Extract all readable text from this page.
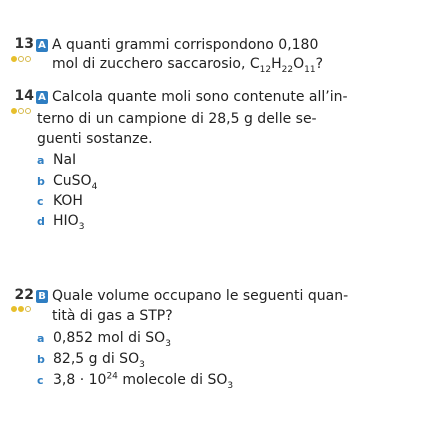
13 A A quanti grammi corrispondono 0,180
mol di zucchero saccarosio, $C_{12}H_{22}O_{11}$?
14 A Calcola quante moli sono contenute all’in-
terno di un campione di 28,5 g delle se-
guenti sostanze.
a NaI
b CuSO$_4$
c KOH
d $HIO_3$
22 B Quale volume occupano le seguenti quan-
tità di gas a STP?
a 0,852 mol di $SO_3$
b 82,5 g di $SO_3$
c $3,8 \cdot 10^{24}$ molecole di $SO_3$
